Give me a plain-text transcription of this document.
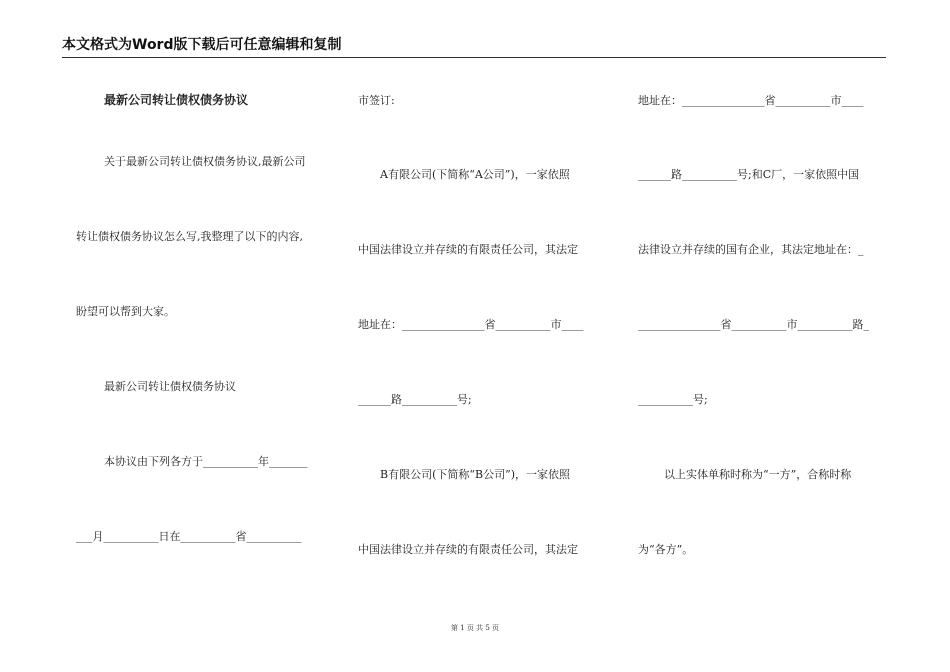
本文格式为Word版下载后可任意编辑和复制
最新公司转让债权债务协议
关于最新公司转让债权债务协议,最新公司
转让债权债务协议怎么写,我整理了以下的内容,
盼望可以帮到大家。
最新公司转让债权债务协议
本协议由下列各方于__________年_______
___月__________日在__________省__________
市签订:
A有限公司(下简称“A公司”)，一家依照
中国法律设立并存续的有限责任公司，其法定
地址在：_______________省__________市____
______路__________号;
B有限公司(下简称“B公司”)，一家依照
中国法律设立并存续的有限责任公司，其法定
地址在：_______________省__________市____
______路__________号;和C厂，一家依照中国
法律设立并存续的国有企业，其法定地址在：_
_______________省__________市__________路_
__________号;
以上实体单称时称为“一方”，合称时称
为“各方”。
第 1 页 共 5 页
